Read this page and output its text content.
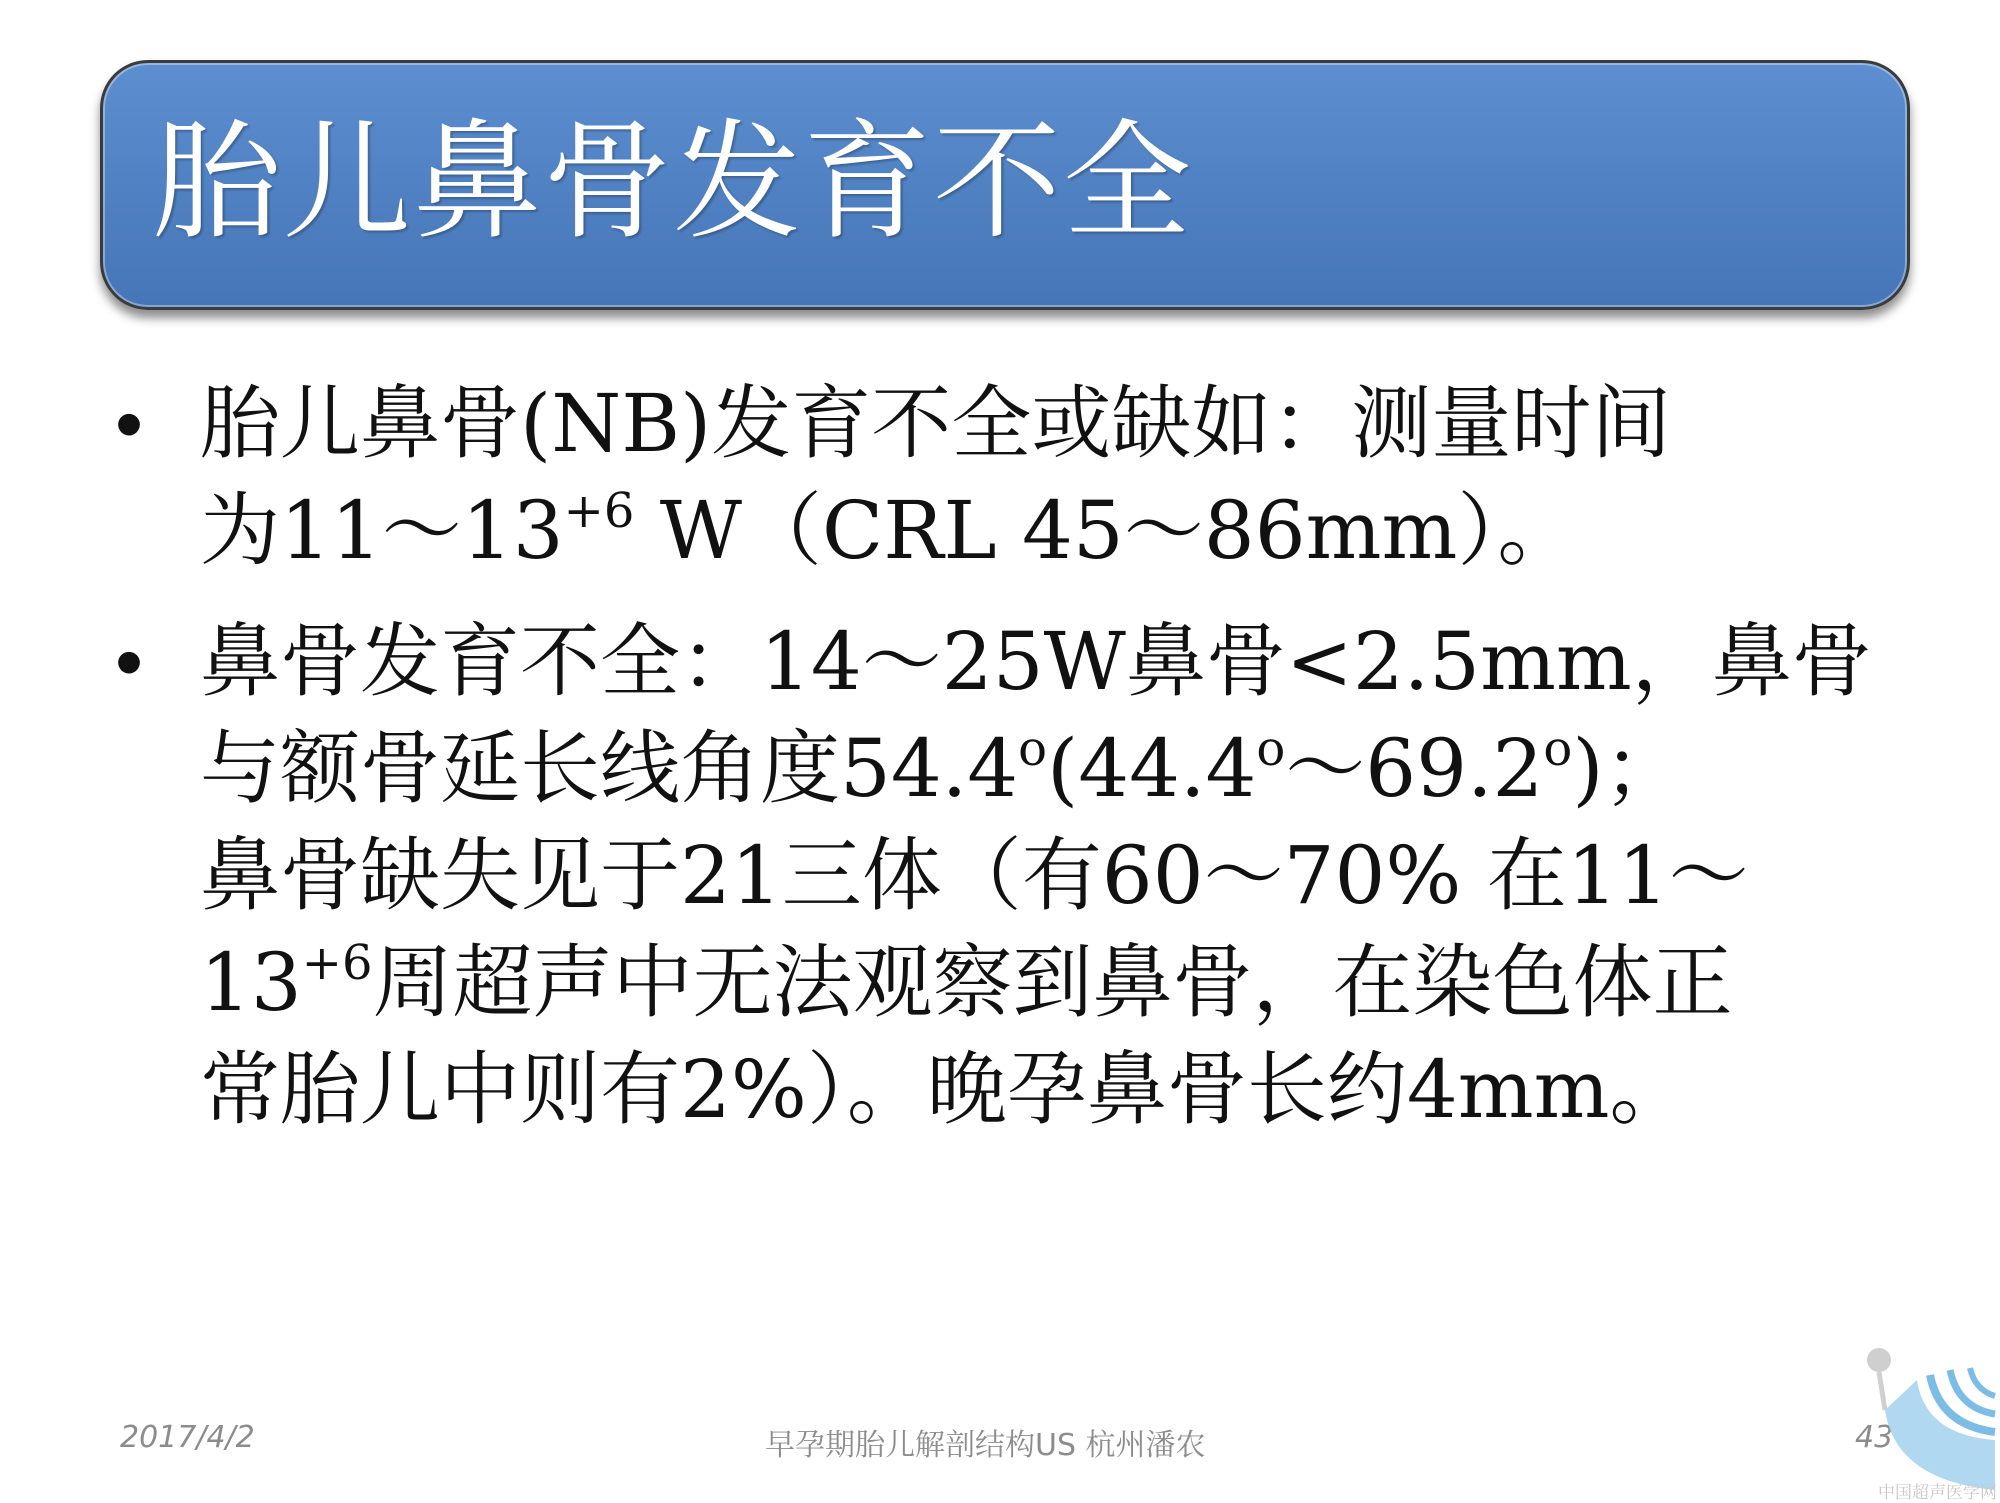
胎儿鼻骨发育不全
• 胎儿鼻骨(NB)发育不全或缺如：测量时间
为$11\sim 13^{+6}$ W（CRL 45～86mm）。
• 鼻骨发育不全：14～25W鼻骨<2.5mm，鼻骨
与额骨延长线角度54.4$^o$(44.4$^o$～69.2$^o$)；
鼻骨缺失见于21三体（有60～70% 在11～
$13^{+6}$周超声中无法观察到鼻骨，在染色体正
常胎儿中则有2%）。晚孕鼻骨长约4mm。
2017/4/2	早孕期胎儿解剖结构US 杭州潘农	43
中国超声医学网
